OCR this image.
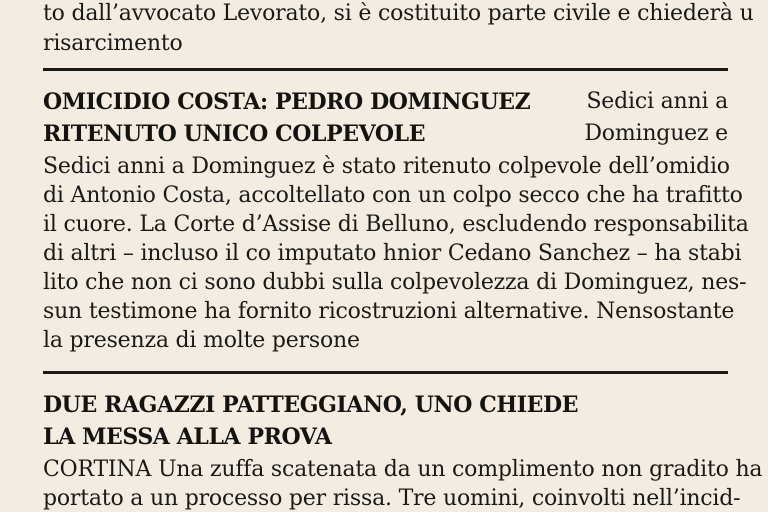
to dall’avvocato Levorato, si è costituito parte civile e chiederà u
risarcimento
OMICIDIO COSTA: PEDRO DOMINGUEZ
RITENUTO UNICO COLPEVOLE
Sedici anni a
Dominguez e
Sedici anni a Dominguez è stato ritenuto colpevole dell’omidio
di Antonio Costa, accoltellato con un colpo secco che ha trafitto
il cuore. La Corte d’Assise di Belluno, escludendo responsabilita
di altri – incluso il co imputato hnior Cedano Sanchez – ha stabi
lito che non ci sono dubbi sulla colpevolezza di Dominguez, nes-
sun testimone ha fornito ricostruzioni alternative. Nensostante
la presenza di molte persone
DUE RAGAZZI PATTEGGIANO, UNO CHIEDE
LA MESSA ALLA PROVA
CORTINA Una zuffa scatenata da un complimento non gradito ha
portato a un processo per rissa. Tre uomini, coinvolti nell’incid-
